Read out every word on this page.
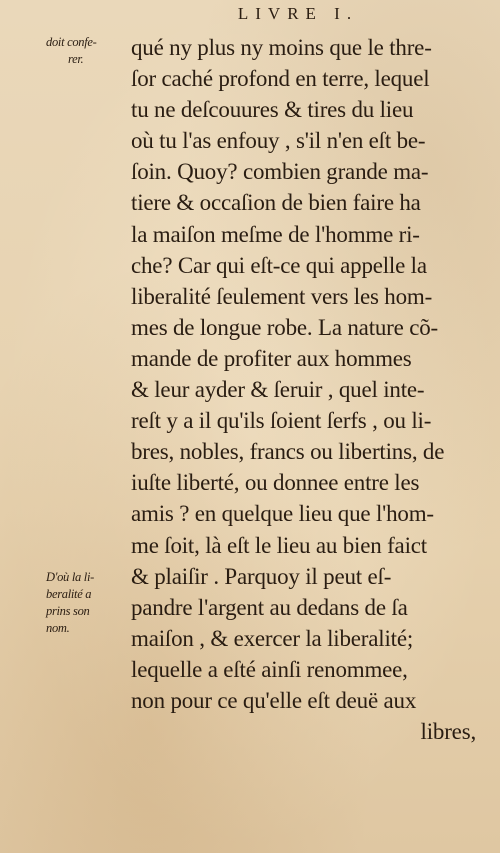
LIVRE I.
doit confe-
rer.
D'où la li-
beralité a
prins son
nom.
qué ny plus ny moins que le thre-
ſor caché profond en terre, lequel
tu ne deſcouures & tires du lieu
où tu l'as enfouy , s'il n'en eſt be-
ſoin. Quoy? combien grande ma-
tiere & occaſion de bien faire ha
la maiſon meſme de l'homme ri-
che? Car qui eſt-ce qui appelle la
liberalité ſeulement vers les hom-
mes de longue robe. La nature cõ-
mande de profiter aux hommes
& leur ayder & ſeruir , quel inte-
reſt y a il qu'ils ſoient ſerfs , ou li-
bres, nobles, francs ou libertins, de
iuſte liberté, ou donnee entre les
amis ? en quelque lieu que l'hom-
me ſoit, là eſt le lieu au bien faict
& plaiſir . Parquoy il peut eſ-
pandre l'argent au dedans de ſa
maiſon , & exercer la liberalité;
lequelle a eſté ainſi renommee,
non pour ce qu'elle eſt deuë aux
libres,
